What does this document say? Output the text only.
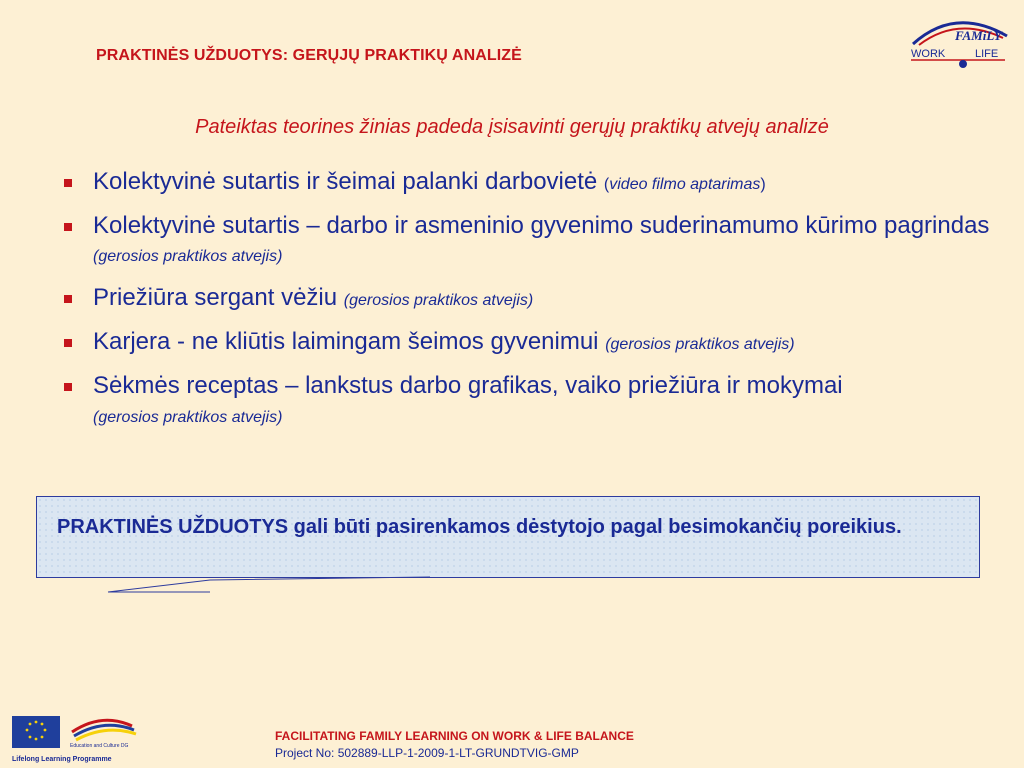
PRAKTINĖS UŽDUOTYS: GERŲJŲ PRAKTIKŲ ANALIZĖ
FAMiLY
WORK	LIFE
Pateiktas teorines žinias padeda įsisavinti gerųjų praktikų atvejų analizė
Kolektyvinė sutartis ir šeimai palanki darbovietė (video filmo aptarimas)
Kolektyvinė sutartis – darbo ir asmeninio gyvenimo suderinamumo kūrimo pagrindas (gerosios praktikos atvejis)
Priežiūra sergant vėžiu (gerosios praktikos atvejis)
Karjera - ne kliūtis laimingam šeimos gyvenimui (gerosios praktikos atvejis)
Sėkmės receptas – lankstus darbo grafikas, vaiko priežiūra ir mokymai
(gerosios praktikos atvejis)
PRAKTINĖS UŽDUOTYS gali būti pasirenkamos dėstytojo pagal besimokančių poreikius.
Education and Culture DG
Lifelong Learning Programme
FACILITATING FAMILY LEARNING ON WORK & LIFE BALANCE
Project No: 502889-LLP-1-2009-1-LT-GRUNDTVIG-GMP
